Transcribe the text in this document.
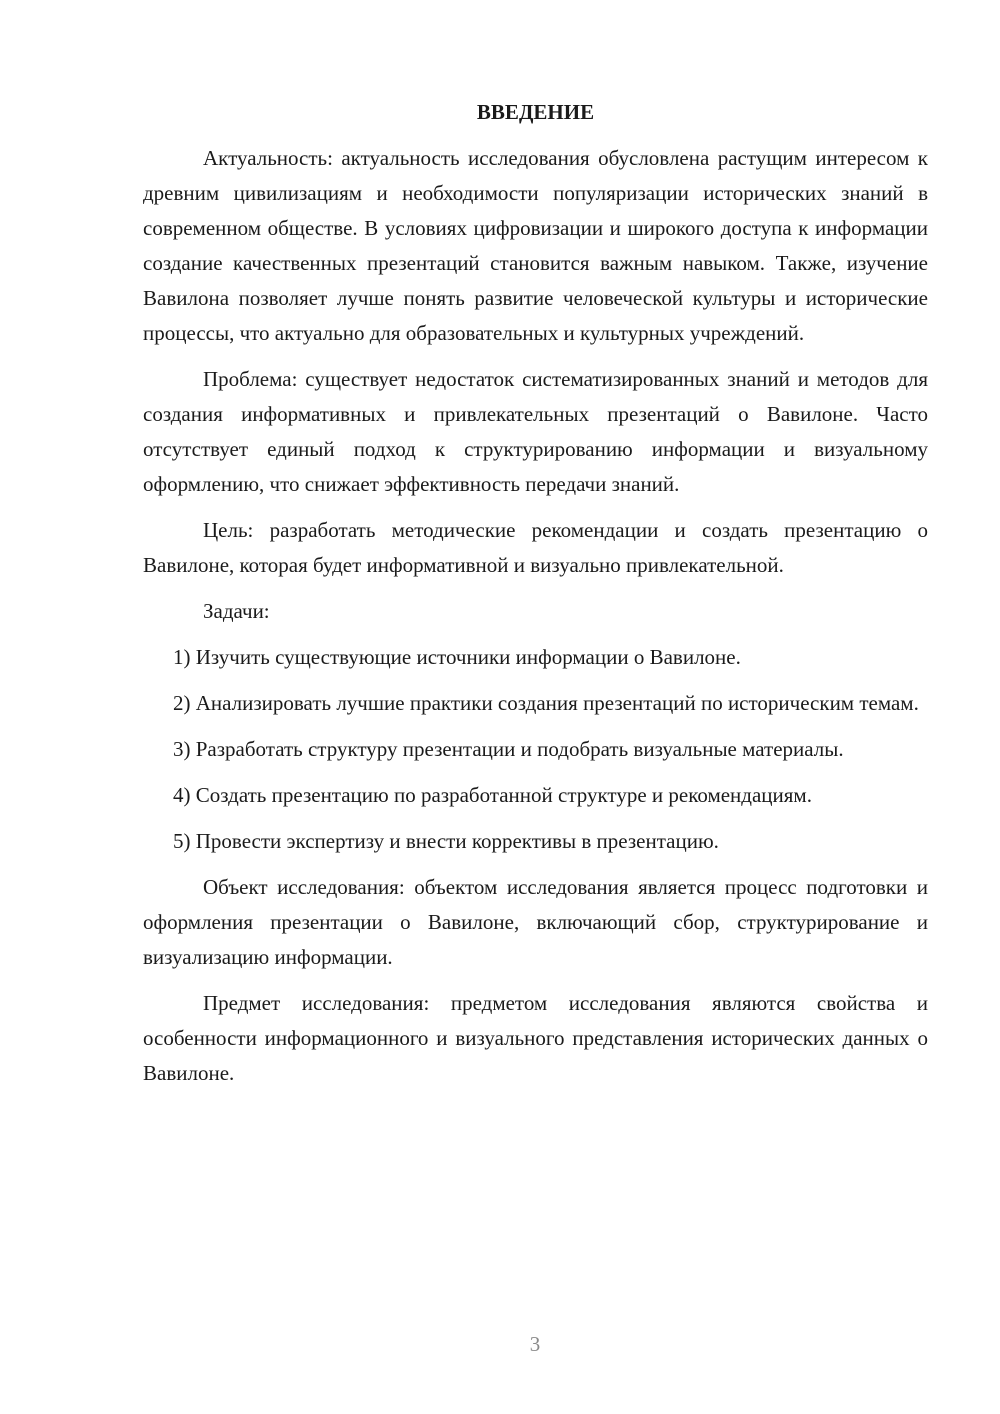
ВВЕДЕНИЕ

Актуальность: актуальность исследования обусловлена растущим интересом к древним цивилизациям и необходимости популяризации исторических знаний в современном обществе. В условиях цифровизации и широкого доступа к информации создание качественных презентаций становится важным навыком. Также, изучение Вавилона позволяет лучше понять развитие человеческой культуры и исторические процессы, что актуально для образовательных и культурных учреждений.

Проблема: существует недостаток систематизированных знаний и методов для создания информативных и привлекательных презентаций о Вавилоне. Часто отсутствует единый подход к структурированию информации и визуальному оформлению, что снижает эффективность передачи знаний.

Цель: разработать методические рекомендации и создать презентацию о Вавилоне, которая будет информативной и визуально привлекательной.

Задачи:

1) Изучить существующие источники информации о Вавилоне.

2) Анализировать лучшие практики создания презентаций по историческим темам.

3) Разработать структуру презентации и подобрать визуальные материалы.

4) Создать презентацию по разработанной структуре и рекомендациям.

5) Провести экспертизу и внести коррективы в презентацию.

Объект исследования: объектом исследования является процесс подготовки и оформления презентации о Вавилоне, включающий сбор, структурирование и визуализацию информации.

Предмет исследования: предметом исследования являются свойства и особенности информационного и визуального представления исторических данных о Вавилоне.

3
